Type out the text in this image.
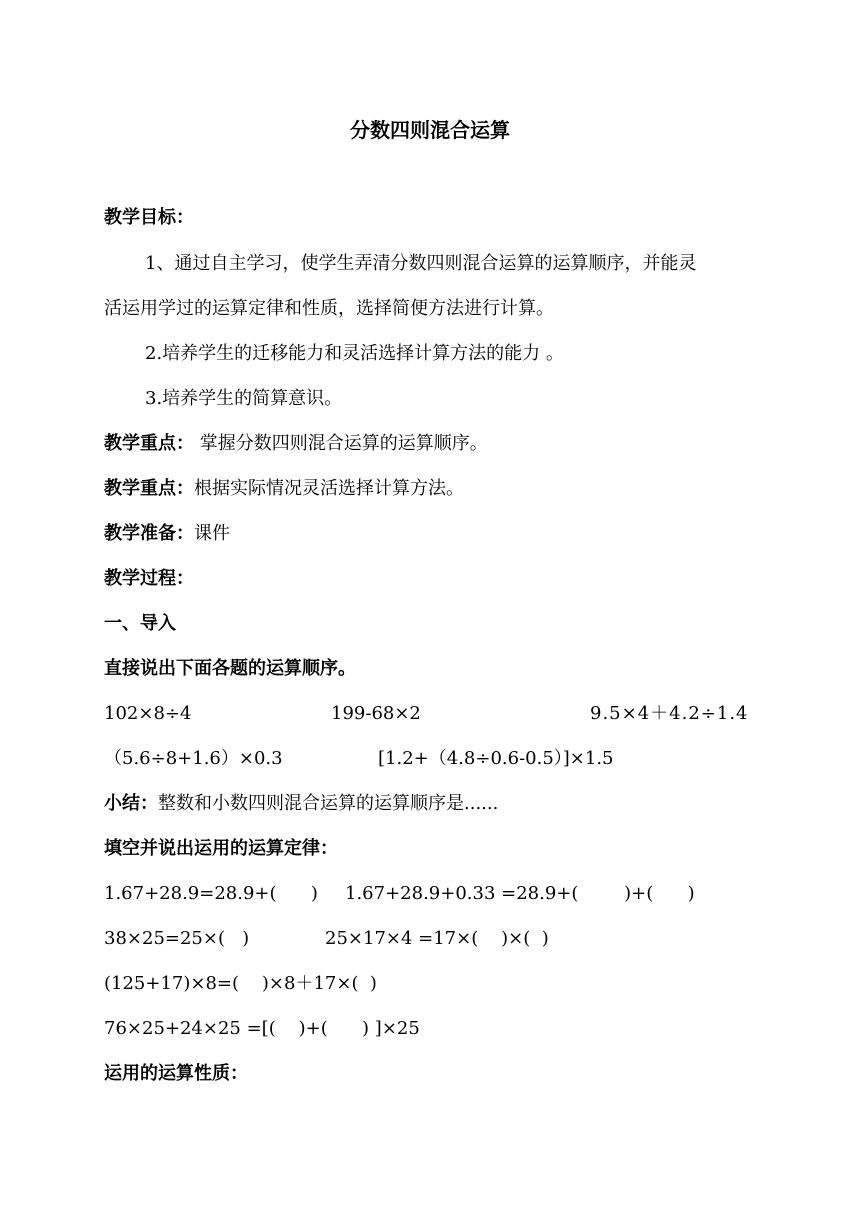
分数四则混合运算
教学目标：
1、通过自主学习，使学生弄清分数四则混合运算的运算顺序，并能灵
活运用学过的运算定律和性质，选择简便方法进行计算。
2.培养学生的迁移能力和灵活选择计算方法的能力 。
3.培养学生的简算意识。
教学重点： 掌握分数四则混合运算的运算顺序。
教学重点：根据实际情况灵活选择计算方法。
教学准备：课件
教学过程：
一、导入
直接说出下面各题的运算顺序。
102×8÷4	199-68×2	9.5×4＋4.2÷1.4
（5.6÷8+1.6）×0.3	[1.2+（4.8÷0.6-0.5）]×1.5
小结：整数和小数四则混合运算的运算顺序是......
填空并说出运用的运算定律：
1.67+28.9=28.9+(      ) 1.67+28.9+0.33 =28.9+(        )+(      )
38×25=25×(   )	25×17×4 =17×(    )×(  )
(125+17)×8=(    )×8＋17×(  )
76×25+24×25 =[(    )+(      ) ]×25
运用的运算性质：
